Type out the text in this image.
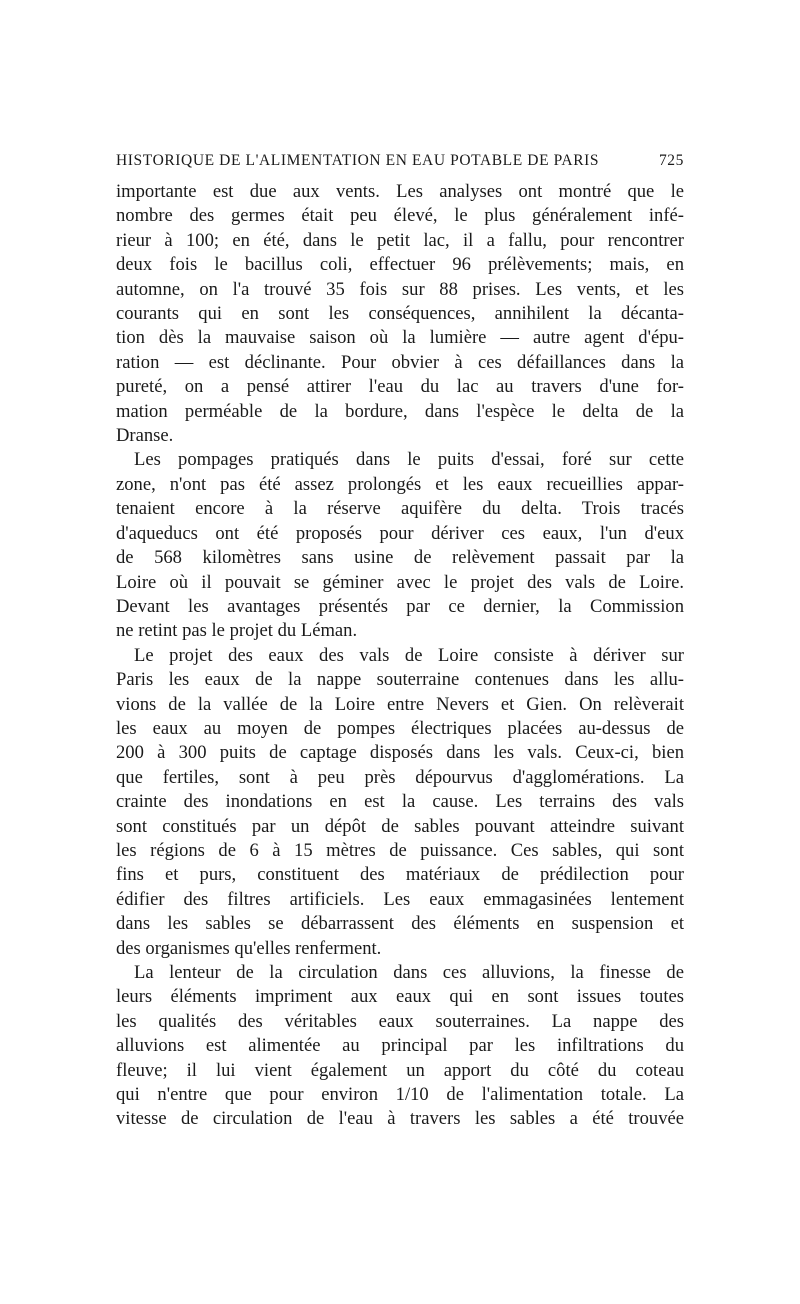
HISTORIQUE DE L'ALIMENTATION EN EAU POTABLE DE PARIS	725

importante est due aux vents. Les analyses ont montré que le
nombre des germes était peu élevé, le plus généralement infé-
rieur à 100; en été, dans le petit lac, il a fallu, pour rencontrer
deux fois le bacillus coli, effectuer 96 prélèvements; mais, en
automne, on l'a trouvé 35 fois sur 88 prises. Les vents, et les
courants qui en sont les conséquences, annihilent la décanta-
tion dès la mauvaise saison où la lumière — autre agent d'épu-
ration — est déclinante. Pour obvier à ces défaillances dans la
pureté, on a pensé attirer l'eau du lac au travers d'une for-
mation perméable de la bordure, dans l'espèce le delta de la
Dranse.

Les pompages pratiqués dans le puits d'essai, foré sur cette
zone, n'ont pas été assez prolongés et les eaux recueillies appar-
tenaient encore à la réserve aquifère du delta. Trois tracés
d'aqueducs ont été proposés pour dériver ces eaux, l'un d'eux
de 568 kilomètres sans usine de relèvement passait par la
Loire où il pouvait se géminer avec le projet des vals de Loire.
Devant les avantages présentés par ce dernier, la Commission
ne retint pas le projet du Léman.

Le projet des eaux des vals de Loire consiste à dériver sur
Paris les eaux de la nappe souterraine contenues dans les allu-
vions de la vallée de la Loire entre Nevers et Gien. On relèverait
les eaux au moyen de pompes électriques placées au-dessus de
200 à 300 puits de captage disposés dans les vals. Ceux-ci, bien
que fertiles, sont à peu près dépourvus d'agglomérations. La
crainte des inondations en est la cause. Les terrains des vals
sont constitués par un dépôt de sables pouvant atteindre suivant
les régions de 6 à 15 mètres de puissance. Ces sables, qui sont
fins et purs, constituent des matériaux de prédilection pour
édifier des filtres artificiels. Les eaux emmagasinées lentement
dans les sables se débarrassent des éléments en suspension et
des organismes qu'elles renferment.

La lenteur de la circulation dans ces alluvions, la finesse de
leurs éléments impriment aux eaux qui en sont issues toutes
les qualités des véritables eaux souterraines. La nappe des
alluvions est alimentée au principal par les infiltrations du
fleuve; il lui vient également un apport du côté du coteau
qui n'entre que pour environ 1/10 de l'alimentation totale. La
vitesse de circulation de l'eau à travers les sables a été trouvée
